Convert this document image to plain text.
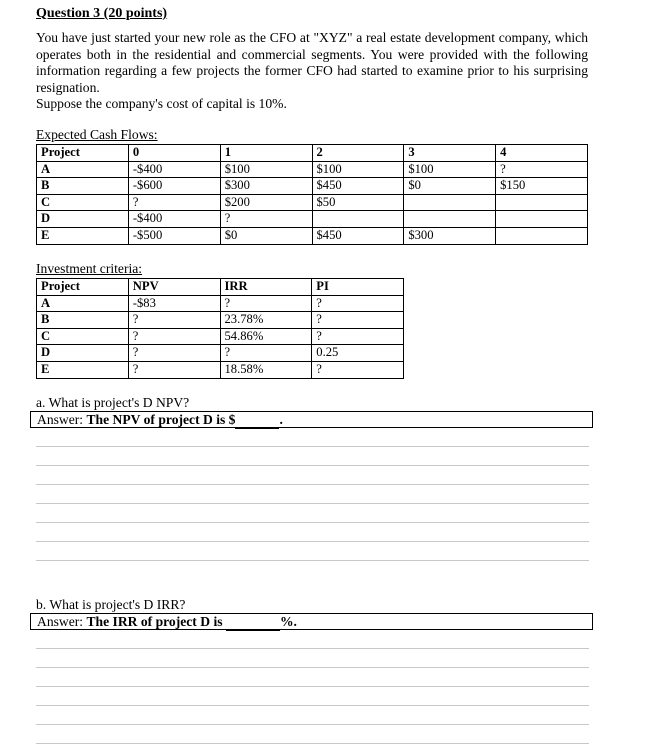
Question 3 (20 points)
You have just started your new role as the CFO at "XYZ" a real estate development company, which operates both in the residential and commercial segments. You were provided with the following information regarding a few projects the former CFO had started to examine prior to his surprising resignation.
Suppose the company's cost of capital is 10%.
Expected Cash Flows:
Project	0	1	2	3	4
A	-$400	$100	$100	$100	?
B	-$600	$300	$450	$0	$150
C	?	$200	$50		
D	-$400	?			
E	-$500	$0	$450	$300	
Investment criteria:
Project	NPV	IRR	PI
A	-$83	?	?
B	?	23.78%	?
C	?	54.86%	?
D	?	?	0.25
E	?	18.58%	?
a. What is project's D NPV?
Answer: The NPV of project D is $	.
b. What is project's D IRR?
Answer: The IRR of project D is	%.
